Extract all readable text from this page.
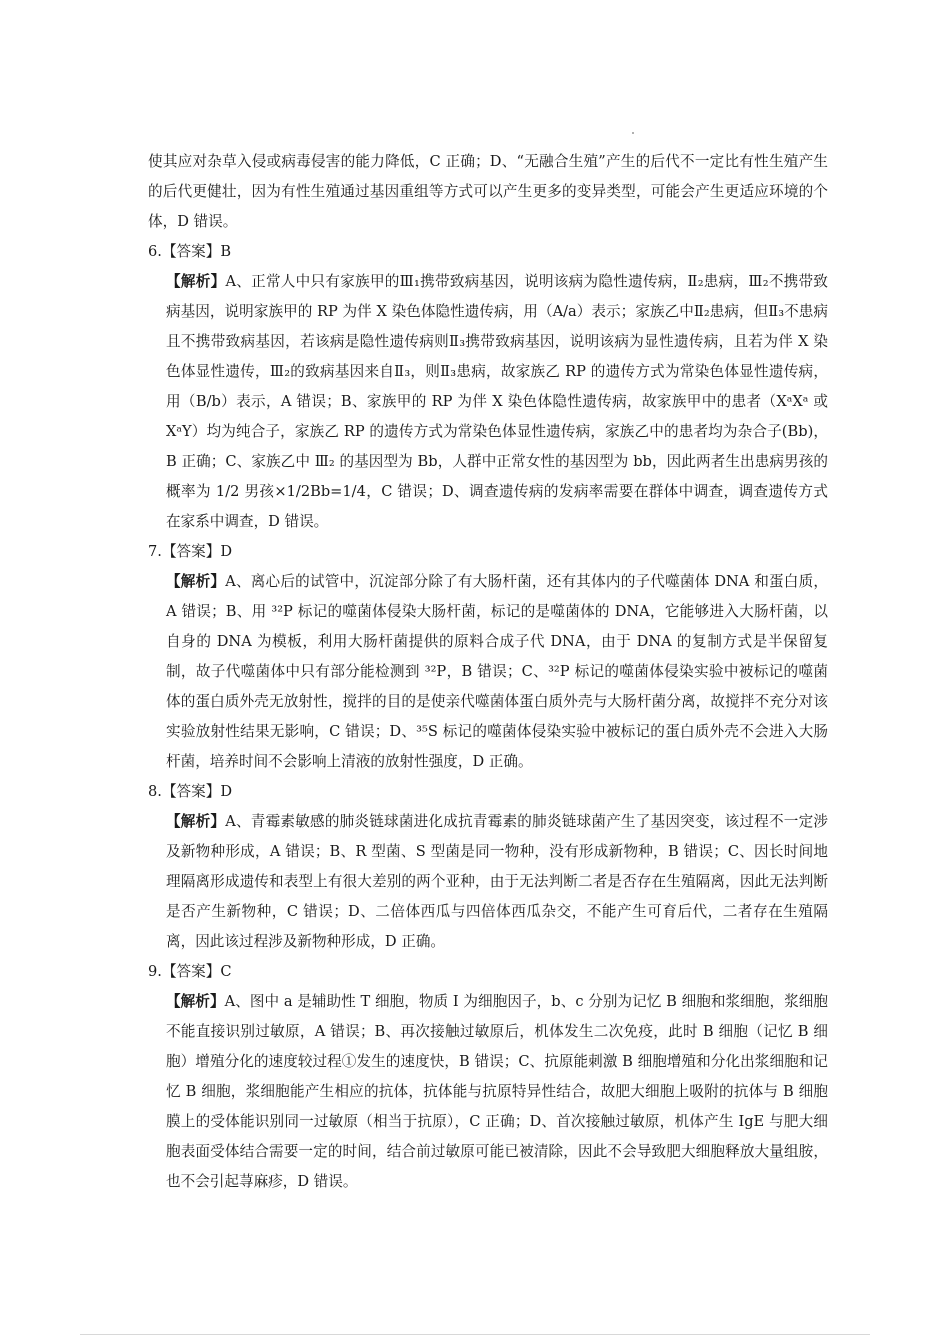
使其应对杂草入侵或病毒侵害的能力降低，C 正确；D、“无融合生殖”产生的后代不一定比有性生殖产生的后代更健壮，因为有性生殖通过基因重组等方式可以产生更多的变异类型，可能会产生更适应环境的个体，D 错误。

6.【答案】B

【解析】A、正常人中只有家族甲的Ⅲ₁携带致病基因，说明该病为隐性遗传病，Ⅱ₂患病，Ⅲ₂不携带致病基因，说明家族甲的 RP 为伴 X 染色体隐性遗传病，用（A/a）表示；家族乙中Ⅱ₂患病，但Ⅱ₃不患病且不携带致病基因，若该病是隐性遗传病则Ⅱ₃携带致病基因，说明该病为显性遗传病，且若为伴 X 染色体显性遗传，Ⅲ₂的致病基因来自Ⅱ₃，则Ⅱ₃患病，故家族乙 RP 的遗传方式为常染色体显性遗传病，用（B/b）表示，A 错误；B、家族甲的 RP 为伴 X 染色体隐性遗传病，故家族甲中的患者（XᵃXᵃ 或 XᵃY）均为纯合子，家族乙 RP 的遗传方式为常染色体显性遗传病，家族乙中的患者均为杂合子(Bb)，B 正确；C、家族乙中 Ⅲ₂ 的基因型为 Bb，人群中正常女性的基因型为 bb，因此两者生出患病男孩的概率为 1/2 男孩×1/2Bb=1/4，C 错误；D、调查遗传病的发病率需要在群体中调查，调查遗传方式在家系中调查，D 错误。

7.【答案】D

【解析】A、离心后的试管中，沉淀部分除了有大肠杆菌，还有其体内的子代噬菌体 DNA 和蛋白质，A 错误；B、用 ³²P 标记的噬菌体侵染大肠杆菌，标记的是噬菌体的 DNA，它能够进入大肠杆菌，以自身的 DNA 为模板，利用大肠杆菌提供的原料合成子代 DNA，由于 DNA 的复制方式是半保留复制，故子代噬菌体中只有部分能检测到 ³²P，B 错误；C、³²P 标记的噬菌体侵染实验中被标记的噬菌体的蛋白质外壳无放射性，搅拌的目的是使亲代噬菌体蛋白质外壳与大肠杆菌分离，故搅拌不充分对该实验放射性结果无影响，C 错误；D、³⁵S 标记的噬菌体侵染实验中被标记的蛋白质外壳不会进入大肠杆菌，培养时间不会影响上清液的放射性强度，D 正确。

8.【答案】D

【解析】A、青霉素敏感的肺炎链球菌进化成抗青霉素的肺炎链球菌产生了基因突变，该过程不一定涉及新物种形成，A 错误；B、R 型菌、S 型菌是同一物种，没有形成新物种，B 错误；C、因长时间地理隔离形成遗传和表型上有很大差别的两个亚种，由于无法判断二者是否存在生殖隔离，因此无法判断是否产生新物种，C 错误；D、二倍体西瓜与四倍体西瓜杂交，不能产生可育后代，二者存在生殖隔离，因此该过程涉及新物种形成，D 正确。

9.【答案】C

【解析】A、图中 a 是辅助性 T 细胞，物质 Ⅰ 为细胞因子，b、c 分别为记忆 B 细胞和浆细胞，浆细胞不能直接识别过敏原，A 错误；B、再次接触过敏原后，机体发生二次免疫，此时 B 细胞（记忆 B 细胞）增殖分化的速度较过程①发生的速度快，B 错误；C、抗原能刺激 B 细胞增殖和分化出浆细胞和记忆 B 细胞，浆细胞能产生相应的抗体，抗体能与抗原特异性结合，故肥大细胞上吸附的抗体与 B 细胞膜上的受体能识别同一过敏原（相当于抗原），C 正确；D、首次接触过敏原，机体产生 IgE 与肥大细胞表面受体结合需要一定的时间，结合前过敏原可能已被清除，因此不会导致肥大细胞释放大量组胺，也不会引起荨麻疹，D 错误。
